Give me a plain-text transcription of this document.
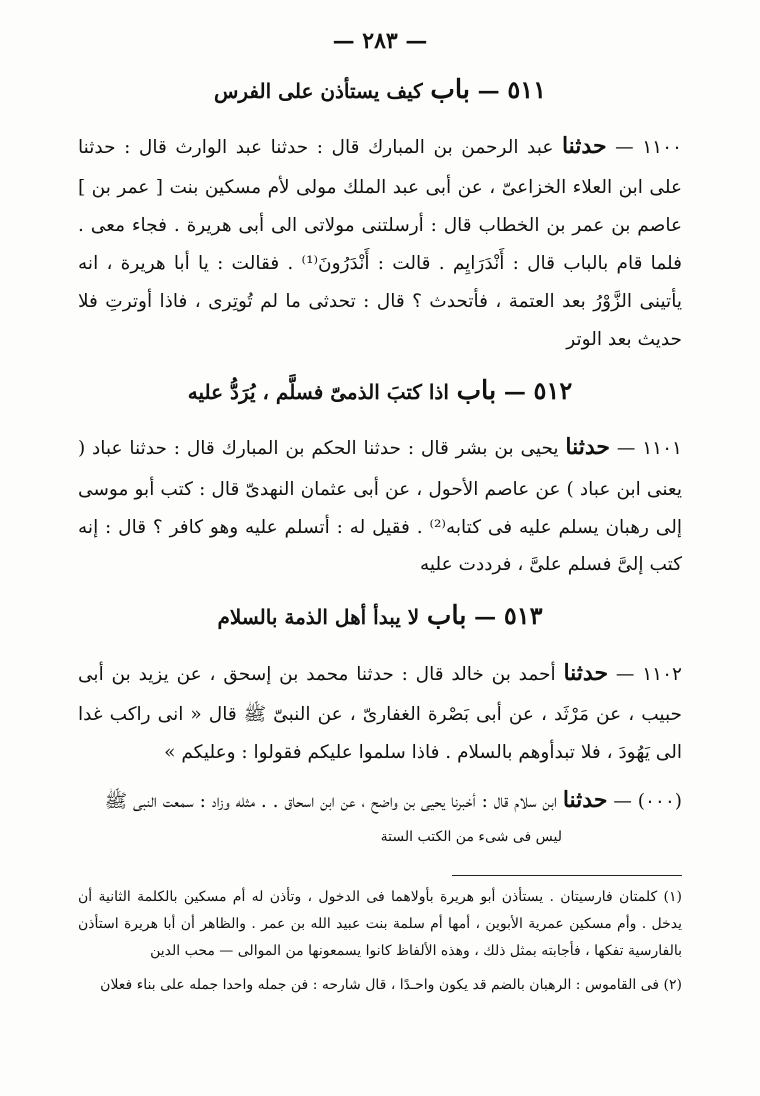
— ٢٨٣ —
٥١١ — باب كيف يستأذن على الفرس

١١٠٠ — حدثنا عبد الرحمن بن المبارك قال : حدثنا عبد الوارث قال : حدثنا على ابن العلاء الخزاعىّ ، عن أبى عبد الملك مولى لأم مسكين بنت [ عمر بن ] عاصم بن عمر بن الخطاب قال : أرسلتنى مولاتى الى أبى هريرة . فجاء معى . فلما قام بالباب قال : أَنْدَرَايِم . قالت : أَنْدَرُونَ⁽¹⁾ . فقالت : يا أبا هريرة ، انه يأتينى الزَّوْرُ بعد العتمة ، فأتحدث ؟ قال : تحدثى ما لم تُوتِرى ، فاذا أوترتِ فلا حديث بعد الوتر

٥١٢ — باب اذا كتبَ الذمىّ فسلَّم ، يُرَدُّ عليه

١١٠١ — حدثنا يحيى بن بشر قال : حدثنا الحكم بن المبارك قال : حدثنا عباد ( يعنى ابن عباد ) عن عاصم الأحول ، عن أبى عثمان النهدىّ قال : كتب أبو موسى إلى رهبان يسلم عليه فى كتابه⁽²⁾ . فقيل له : أتسلم عليه وهو كافر ؟ قال : إنه كتب إلىَّ فسلم علىَّ ، فرددت عليه

٥١٣ — باب لا يبدأ أهل الذمة بالسلام

١١٠٢ — حدثنا أحمد بن خالد قال : حدثنا محمد بن إسحق ، عن يزيد بن أبى حبيب ، عن مَرْثَد ، عن أبى بَصْرة الغفارىّ ، عن النبىّ ﷺ قال « انى راكب غدا الى يَهُودَ ، فلا تبدأوهم بالسلام . فاذا سلموا عليكم فقولوا : وعليكم »

(٠٠٠) — حدثنا ابن سلام قال : أخبرنا يحيى بن واضح ، عن ابن اسحاق . . مثله وزاد : سمعت النبى ﷺ

ليس فى شىء من الكتب الستة

(١) كلمتان فارسيتان . يستأذن أبو هريرة بأولاهما فى الدخول ، وتأذن له أم مسكين بالكلمة الثانية أن يدخل . وأم مسكين عمرية الأبوين ، أمها أم سلمة بنت عبيد الله بن عمر . والظاهر أن أبا هريرة استأذن بالفارسية تفكها ، فأجابته بمثل ذلك ، وهذه الألفاظ كانوا يسمعونها من الموالى — محب الدين

(٢) فى القاموس : الرهبان بالضم قد يكون واحـدًا ، قال شارحه : فن جمله واحدا جمله على بناء فعلان
